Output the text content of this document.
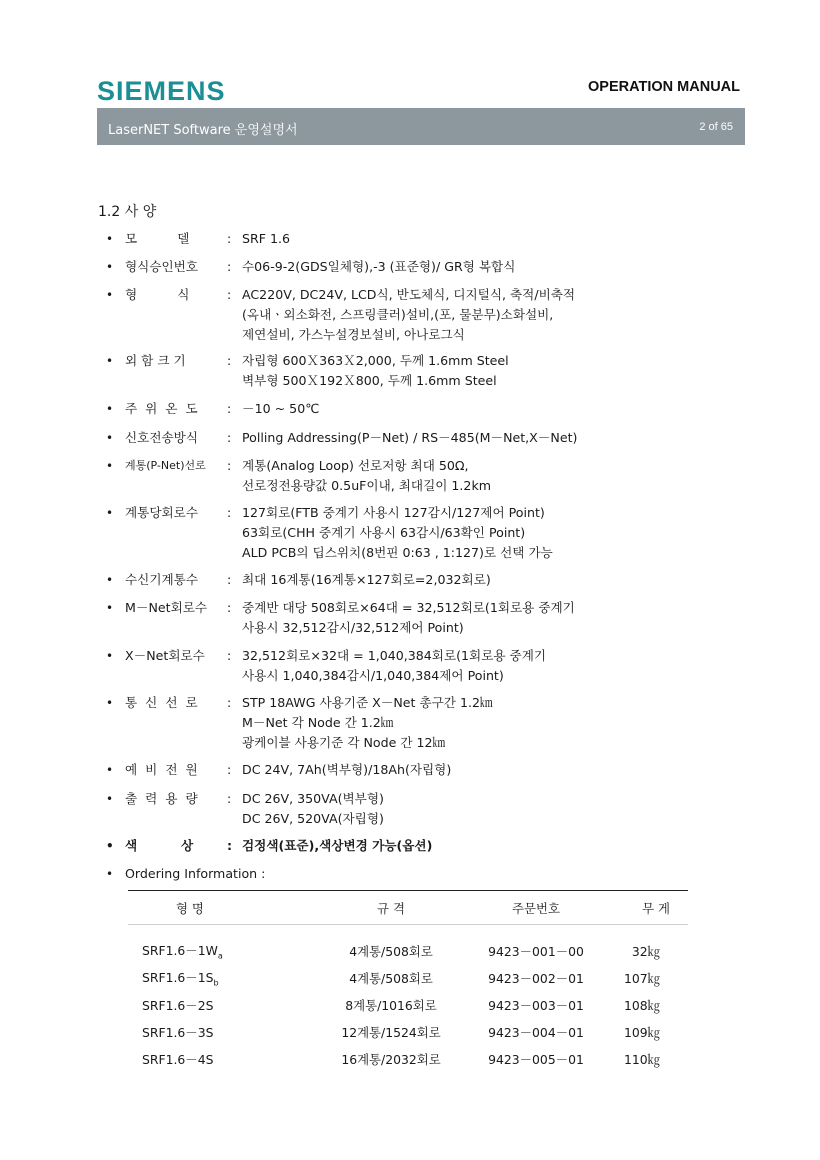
SIEMENS	OPERATION MANUAL
LaserNET Software 운영설명서	2 of 65
1.2 사 양
• 모          델	: SRF 1.6
• 형식승인번호	: 수06-9-2(GDS일체형),-3 (표준형)/ GR형 복합식
• 형          식	: AC220V, DC24V, LCD식, 반도체식, 디지털식, 축적/비축적
(옥내ㆍ외소화전, 스프링클러)설비,(포, 물분무)소화설비,
제연설비, 가스누설경보설비, 아나로그식
• 외 함 크 기	: 자립형 600Ｘ363Ｘ2,000, 두께 1.6mm Steel
벽부형 500Ｘ192Ｘ800, 두께 1.6mm Steel
• 주  위  온  도	: －10 ~ 50℃
• 신호전송방식	: Polling Addressing(P－Net) / RS－485(M－Net,X－Net)
• 계통(P-Net)선로	: 계통(Analog Loop) 선로저항 최대 50Ω,
선로정전용량값 0.5uF이내, 최대길이 1.2km
• 계통당회로수	: 127회로(FTB 중계기 사용시 127감시/127제어 Point)
63회로(CHH 중계기 사용시 63감시/63확인 Point)
ALD PCB의 딥스위치(8번핀 0:63 , 1:127)로 선택 가능
• 수신기계통수	: 최대 16계통(16계통×127회로=2,032회로)
• M－Net회로수	: 중계반 대당 508회로×64대 = 32,512회로(1회로용 중계기
사용시 32,512감시/32,512제어 Point)
• X－Net회로수	: 32,512회로×32대 = 1,040,384회로(1회로용 중계기
사용시 1,040,384감시/1,040,384제어 Point)
• 통  신  선  로	: STP 18AWG 사용기준 X－Net 총구간 1.2㎞
M－Net 각 Node 간 1.2㎞
광케이블 사용기준 각 Node 간 12㎞
• 예  비  전  원	: DC 24V, 7Ah(벽부형)/18Ah(자립형)
• 출  력  용  량	: DC 26V, 350VA(벽부형)
DC 26V, 520VA(자립형)
• 색          상	: 검정색(표준),색상변경 가능(옵션)
• Ordering Information :
형 명	규 격	주문번호	무 게
$SRF1.6-1W_a$	4계통/508회로	9423－001－00	32㎏
$SRF1.6-1S_b$	4계통/508회로	9423－002－01	107㎏
SRF1.6－2S	8계통/1016회로	9423－003－01	108㎏
SRF1.6－3S	12계통/1524회로	9423－004－01	109㎏
SRF1.6－4S	16계통/2032회로	9423－005－01	110㎏
